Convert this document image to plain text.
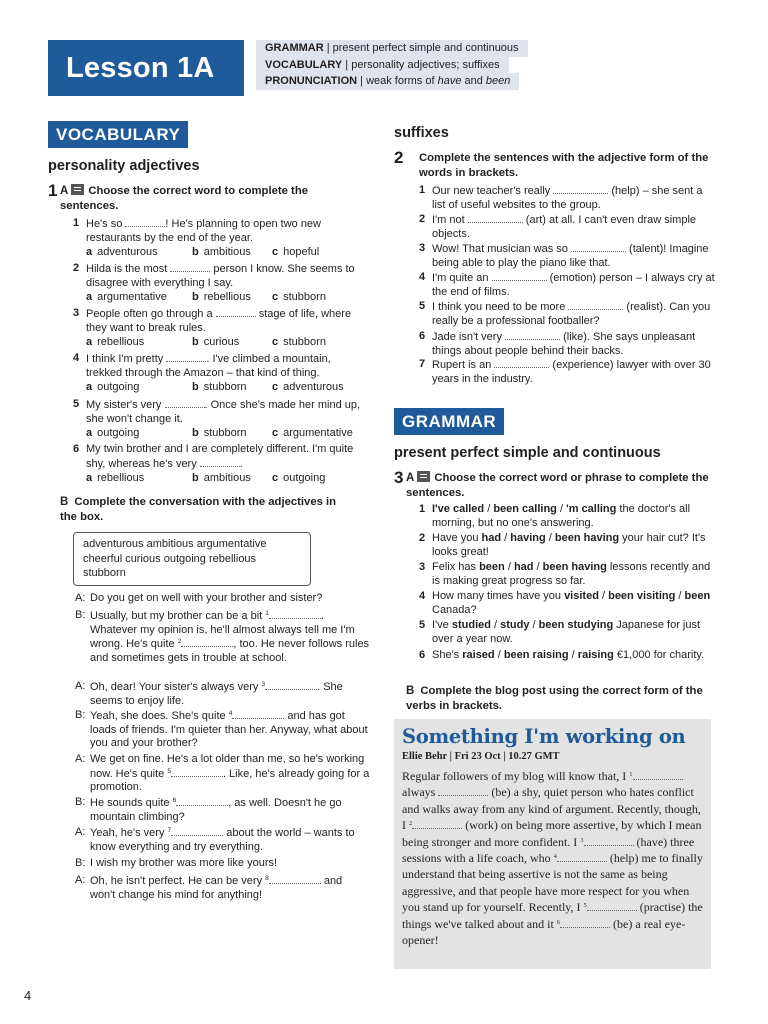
Lesson 1A
GRAMMAR | present perfect simple and continuous
VOCABULARY | personality adjectives; suffixes
PRONUNCIATION | weak forms of have and been
VOCABULARY
personality adjectives
1 A Choose the correct word to complete the sentences.
1 He's so	! He's planning to open two new restaurants by the end of the year.
a adventurous	b ambitious c hopeful
2 Hilda is the most	person I know. She seems to disagree with everything I say.
a argumentative b rebellious c stubborn
3 People often go through a	stage of life, where they want to break rules.
a rebellious	b curious	c stubborn
4 I think I'm pretty	. I've climbed a mountain, trekked through the Amazon – that kind of thing.
a outgoing	b stubborn c adventurous
5 My sister's very	. Once she's made her mind up, she won't change it.
a outgoing	b stubborn c argumentative
6 My twin brother and I are completely different. I'm quite shy, whereas he's very	.
a rebellious	b ambitious c outgoing
B Complete the conversation with the adjectives in the box.
adventurous ambitious argumentative
cheerful curious outgoing rebellious
stubborn
A: Do you get on well with your brother and sister?
B: Usually, but my brother can be a bit $^1$	. Whatever my opinion is, he'll almost always tell me I'm wrong. He's quite $^2$	, too. He never follows rules and sometimes gets in trouble at school.
A: Oh, dear! Your sister's always very $^3$	. She seems to enjoy life.
B: Yeah, she does. She's quite $^4$	and has got loads of friends. I'm quieter than her. Anyway, what about you and your brother?
A: We get on fine. He's a lot older than me, so he's working now. He's quite $^5$	. Like, he's already going for a promotion.
B: He sounds quite $^6$	, as well. Doesn't he go mountain climbing?
A: Yeah, he's very $^7$	about the world – wants to know everything and try everything.
B: I wish my brother was more like yours!
A: Oh, he isn't perfect. He can be very $^8$	and won't change his mind for anything!
suffixes
2 Complete the sentences with the adjective form of the words in brackets.
1 Our new teacher's really	(help) – she sent a list of useful websites to the group.
2 I'm not	(art) at all. I can't even draw simple objects.
3 Wow! That musician was so	(talent)! Imagine being able to play the piano like that.
4 I'm quite an	(emotion) person – I always cry at the end of films.
5 I think you need to be more	(realist). Can you really be a professional footballer?
6 Jade isn't very	(like). She says unpleasant things about people behind their backs.
7 Rupert is an	(experience) lawyer with over 30 years in the industry.
GRAMMAR
present perfect simple and continuous
3 A Choose the correct word or phrase to complete the sentences.
1 I've called / been calling / 'm calling the doctor's all morning, but no one's answering.
2 Have you had / having / been having your hair cut? It's looks great!
3 Felix has been / had / been having lessons recently and is making great progress so far.
4 How many times have you visited / been visiting / been Canada?
5 I've studied / study / been studying Japanese for just over a year now.
6 She's raised / been raising / raising €1,000 for charity.
B Complete the blog post using the correct form of the verbs in brackets.
Something I'm working on
Ellie Behr | Fri 23 Oct | 10.27 GMT
Regular followers of my blog will know that, I $^1$ always	(be) a shy, quiet person who hates conflict and walks away from any kind of argument. Recently, though, I $^2$	(work) on being more assertive, by which I mean being stronger and more confident. I $^3$	(have) three sessions with a life coach, who $^4$	(help) me to finally understand that being assertive is not the same as being aggressive, and that people have more respect for you when you stand up for yourself. Recently, I $^5$	(practise) the things we've talked about and it $^6$	(be) a real eye-opener!
4
